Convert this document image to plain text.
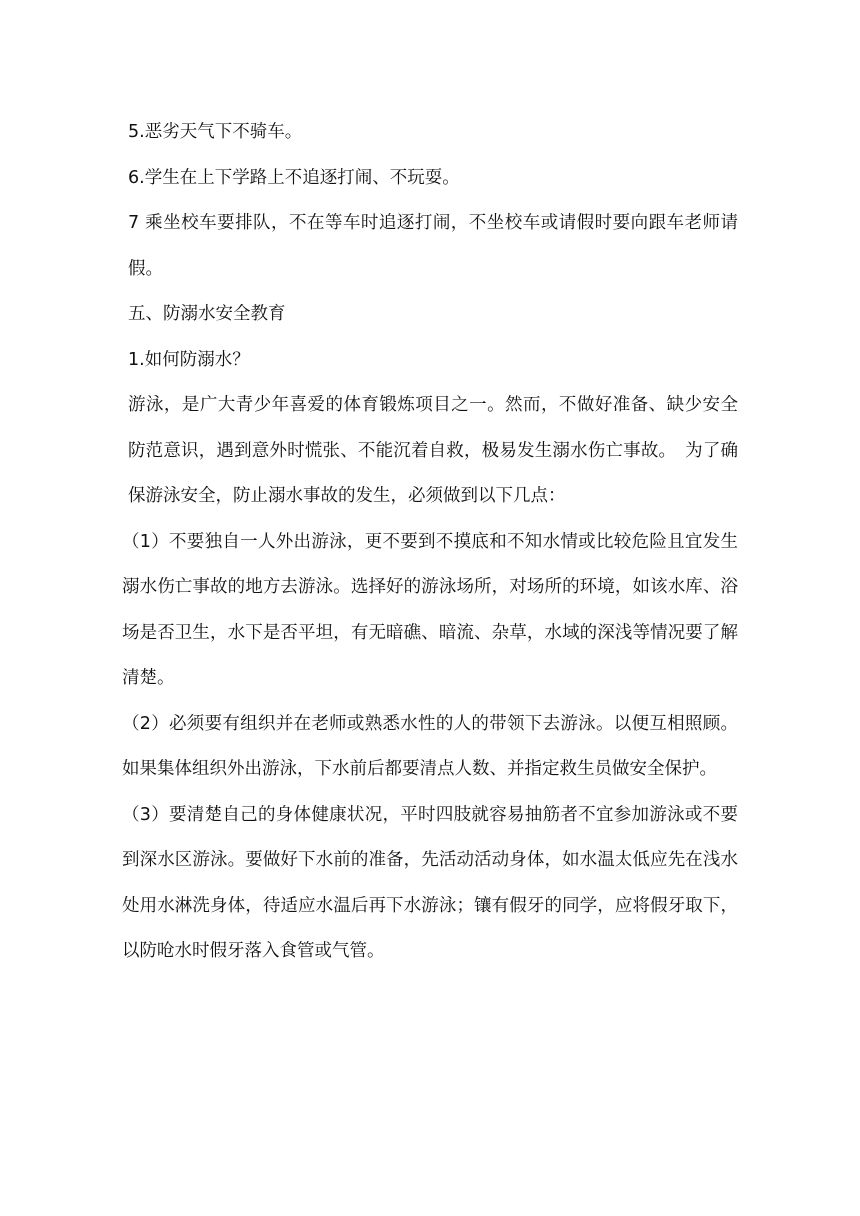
5.恶劣天气下不骑车。

6.学生在上下学路上不追逐打闹、不玩耍。

7 乘坐校车要排队，不在等车时追逐打闹，不坐校车或请假时要向跟车老师请假。

五、防溺水安全教育

1.如何防溺水？

游泳，是广大青少年喜爱的体育锻炼项目之一。然而，不做好准备、缺少安全防范意识，遇到意外时慌张、不能沉着自救，极易发生溺水伤亡事故。　为了确保游泳安全，防止溺水事故的发生，必须做到以下几点：

（1）不要独自一人外出游泳，更不要到不摸底和不知水情或比较危险且宜发生溺水伤亡事故的地方去游泳。选择好的游泳场所，对场所的环境，如该水库、浴场是否卫生，水下是否平坦，有无暗礁、暗流、杂草，水域的深浅等情况要了解清楚。

（2）必须要有组织并在老师或熟悉水性的人的带领下去游泳。以便互相照顾。如果集体组织外出游泳，下水前后都要清点人数、并指定救生员做安全保护。

（3）要清楚自己的身体健康状况，平时四肢就容易抽筋者不宜参加游泳或不要到深水区游泳。要做好下水前的准备，先活动活动身体，如水温太低应先在浅水处用水淋洗身体，待适应水温后再下水游泳；镶有假牙的同学，应将假牙取下，以防呛水时假牙落入食管或气管。
